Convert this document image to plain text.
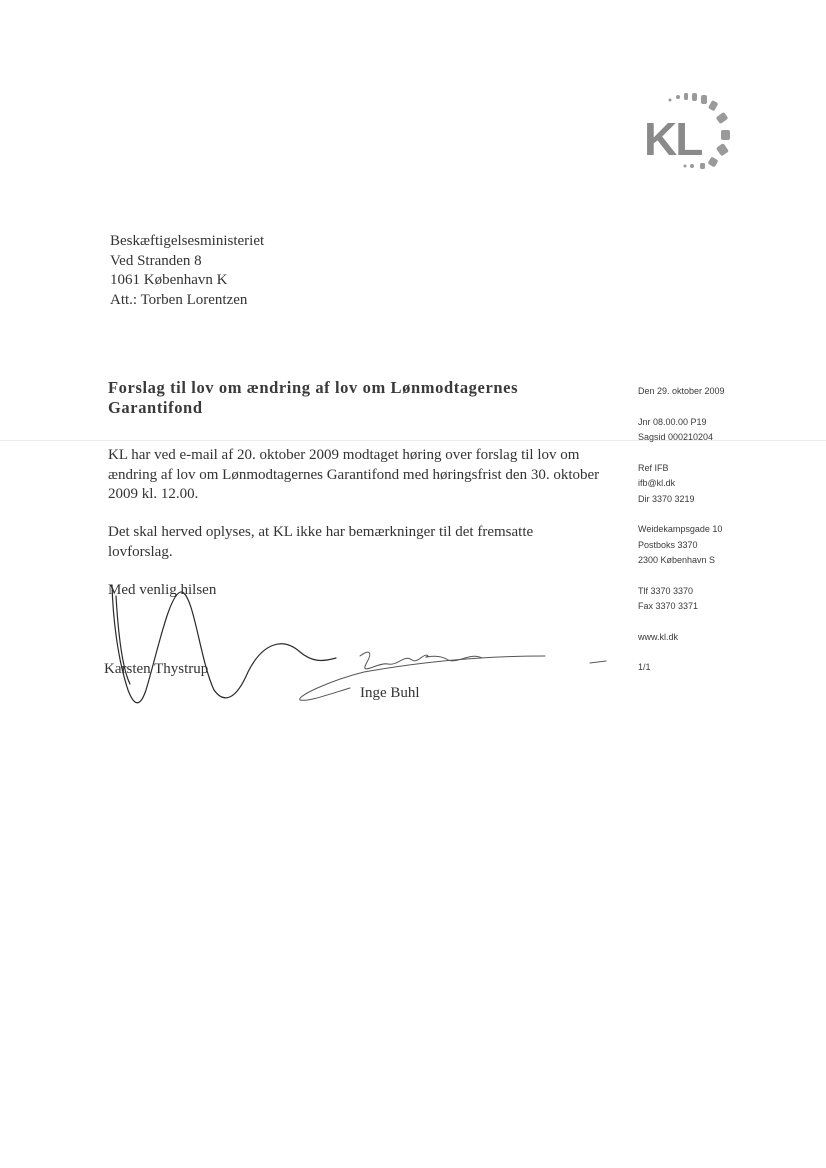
KL
Beskæftigelsesministeriet
Ved Stranden 8
1061 København K
Att.: Torben Lorentzen
Forslag til lov om ændring af lov om Lønmodtagernes
Garantifond
KL har ved e-mail af 20. oktober 2009 modtaget høring over forslag til lov om ændring af lov om Lønmodtagernes Garantifond med høringsfrist den 30. oktober 2009 kl. 12.00.
Det skal herved oplyses, at KL ikke har bemærkninger til det fremsatte lovforslag.
Med venlig hilsen
Karsten Thystrup
Inge Buhl
Den 29. oktober 2009
Jnr 08.00.00 P19
Sagsid 000210204
Ref IFB
ifb@kl.dk
Dir 3370 3219
Weidekampsgade 10
Postboks 3370
2300 København S
Tlf 3370 3370
Fax 3370 3371
www.kl.dk
1/1
